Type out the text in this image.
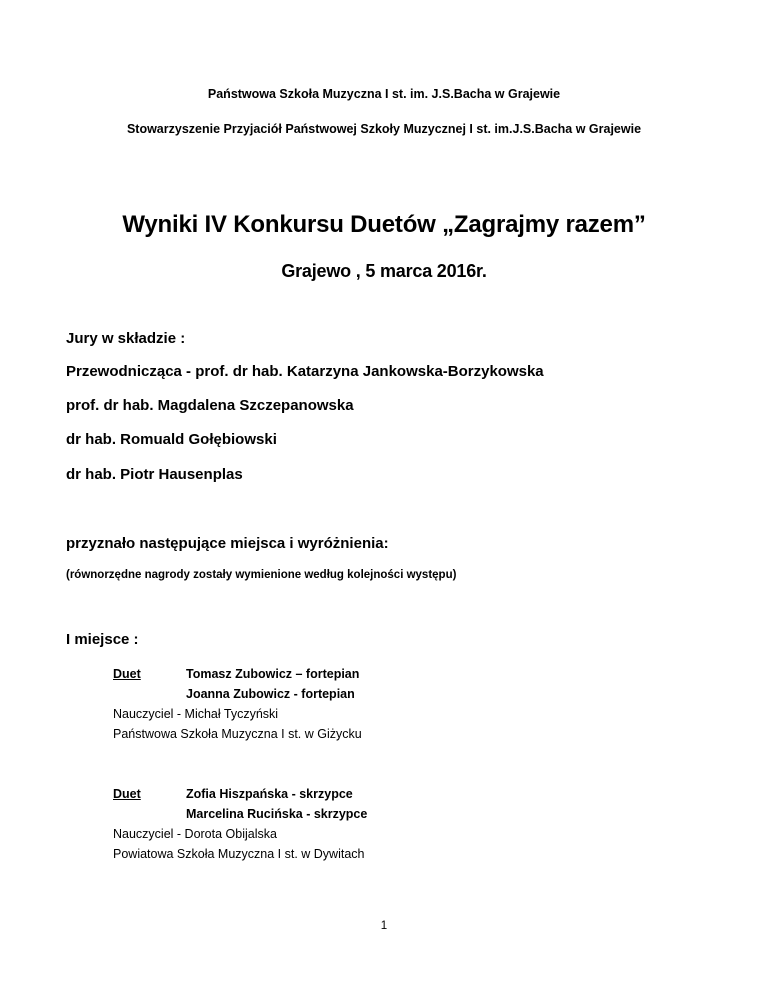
Państwowa Szkoła Muzyczna I st. im. J.S.Bacha w Grajewie
Stowarzyszenie Przyjaciół Państwowej Szkoły Muzycznej I st. im.J.S.Bacha w Grajewie
Wyniki IV Konkursu Duetów „Zagrajmy razem”
Grajewo , 5 marca 2016r.
Jury w składzie :
Przewodnicząca - prof. dr hab. Katarzyna Jankowska-Borzykowska
prof. dr hab. Magdalena Szczepanowska
dr hab. Romuald Gołębiowski
dr hab. Piotr Hausenplas
przyznało następujące miejsca i wyróżnienia:
(równorzędne nagrody zostały wymienione według kolejności występu)
I miejsce :
Duet	Tomasz Zubowicz – fortepian
Joanna Zubowicz - fortepian
Nauczyciel - Michał Tyczyński
Państwowa Szkoła Muzyczna I st. w Giżycku
Duet	Zofia Hiszpańska - skrzypce
Marcelina Rucińska - skrzypce
Nauczyciel - Dorota Obijalska
Powiatowa Szkoła Muzyczna I st. w Dywitach
1
